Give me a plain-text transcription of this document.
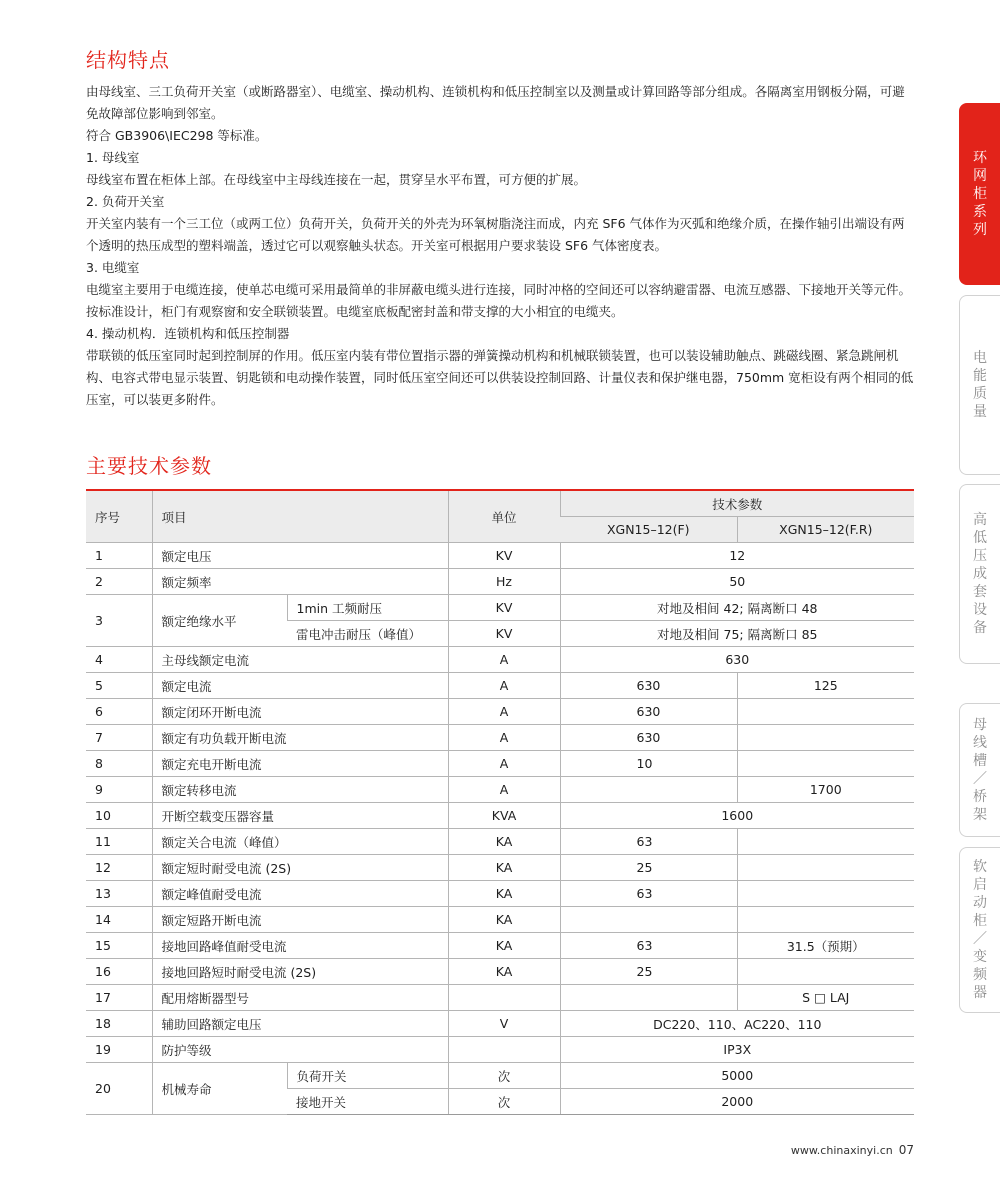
结构特点

由母线室、三工负荷开关室（或断路器室）、电缆室、操动机构、连锁机构和低压控制室以及测量或计算回路等部分组成。各隔离室用钢板分隔，可避免故障部位影响到邻室。

符合 GB3906\IEC298 等标准。

1. 母线室

母线室布置在柜体上部。在母线室中主母线连接在一起，贯穿呈水平布置，可方便的扩展。

2. 负荷开关室

开关室内装有一个三工位（或两工位）负荷开关，负荷开关的外壳为环氧树脂浇注而成，内充 SF6 气体作为灭弧和绝缘介质，在操作轴引出端设有两个透明的热压成型的塑料端盖，透过它可以观察触头状态。开关室可根据用户要求装设 SF6 气体密度表。

3. 电缆室

电缆室主要用于电缆连接，使单芯电缆可采用最简单的非屏蔽电缆头进行连接，同时冲格的空间还可以容纳避雷器、电流互感器、下接地开关等元件。按标准设计，柜门有观察窗和安全联锁装置。电缆室底板配密封盖和带支撑的大小相宜的电缆夹。

4. 操动机构．连锁机构和低压控制器

带联锁的低压室同时起到控制屏的作用。低压室内装有带位置指示器的弹簧操动机构和机械联锁装置，也可以装设辅助触点、跳磁线圈、紧急跳闸机构、电容式带电显示装置、钥匙锁和电动操作装置，同时低压室空间还可以供装设控制回路、计量仪表和保护继电器，750mm 宽柜设有两个相同的低压室，可以装更多附件。

主要技术参数
序号	项目		单位	技术参数	
				XGN15–12(F)	XGN15–12(F.R)
1	额定电压		KV	12	
2	额定频率		Hz	50	
3	额定绝缘水平	1min 工频耐压	KV	对地及相间 42; 隔离断口 48	
		雷电冲击耐压（峰值）	KV	对地及相间 75; 隔离断口 85	
4	主母线额定电流		A	630	
5	额定电流		A	630	125
6	额定闭环开断电流		A	630	
7	额定有功负载开断电流		A	630	
8	额定充电开断电流		A	10	
9	额定转移电流		A		1700
10	开断空载变压器容量		KVA	1600	
11	额定关合电流（峰值）		KA	63	
12	额定短时耐受电流 (2S)		KA	25	
13	额定峰值耐受电流		KA	63	
14	额定短路开断电流		KA		
15	接地回路峰值耐受电流		KA	63	31.5（预期）
16	接地回路短时耐受电流 (2S)		KA	25	
17	配用熔断器型号				S □ LAJ
18	辅助回路额定电压		V	DC220、110、AC220、110	
19	防护等级			IP3X	
20	机械寿命	负荷开关	次	5000	
		接地开关	次	2000	
环
网
柜
系
列
电
能
质
量
高
低
压
成
套
设
备
母
线
槽
／
桥
架
软
启
动
柜
／
变
频
器
www.chinaxinyi.cn 07
